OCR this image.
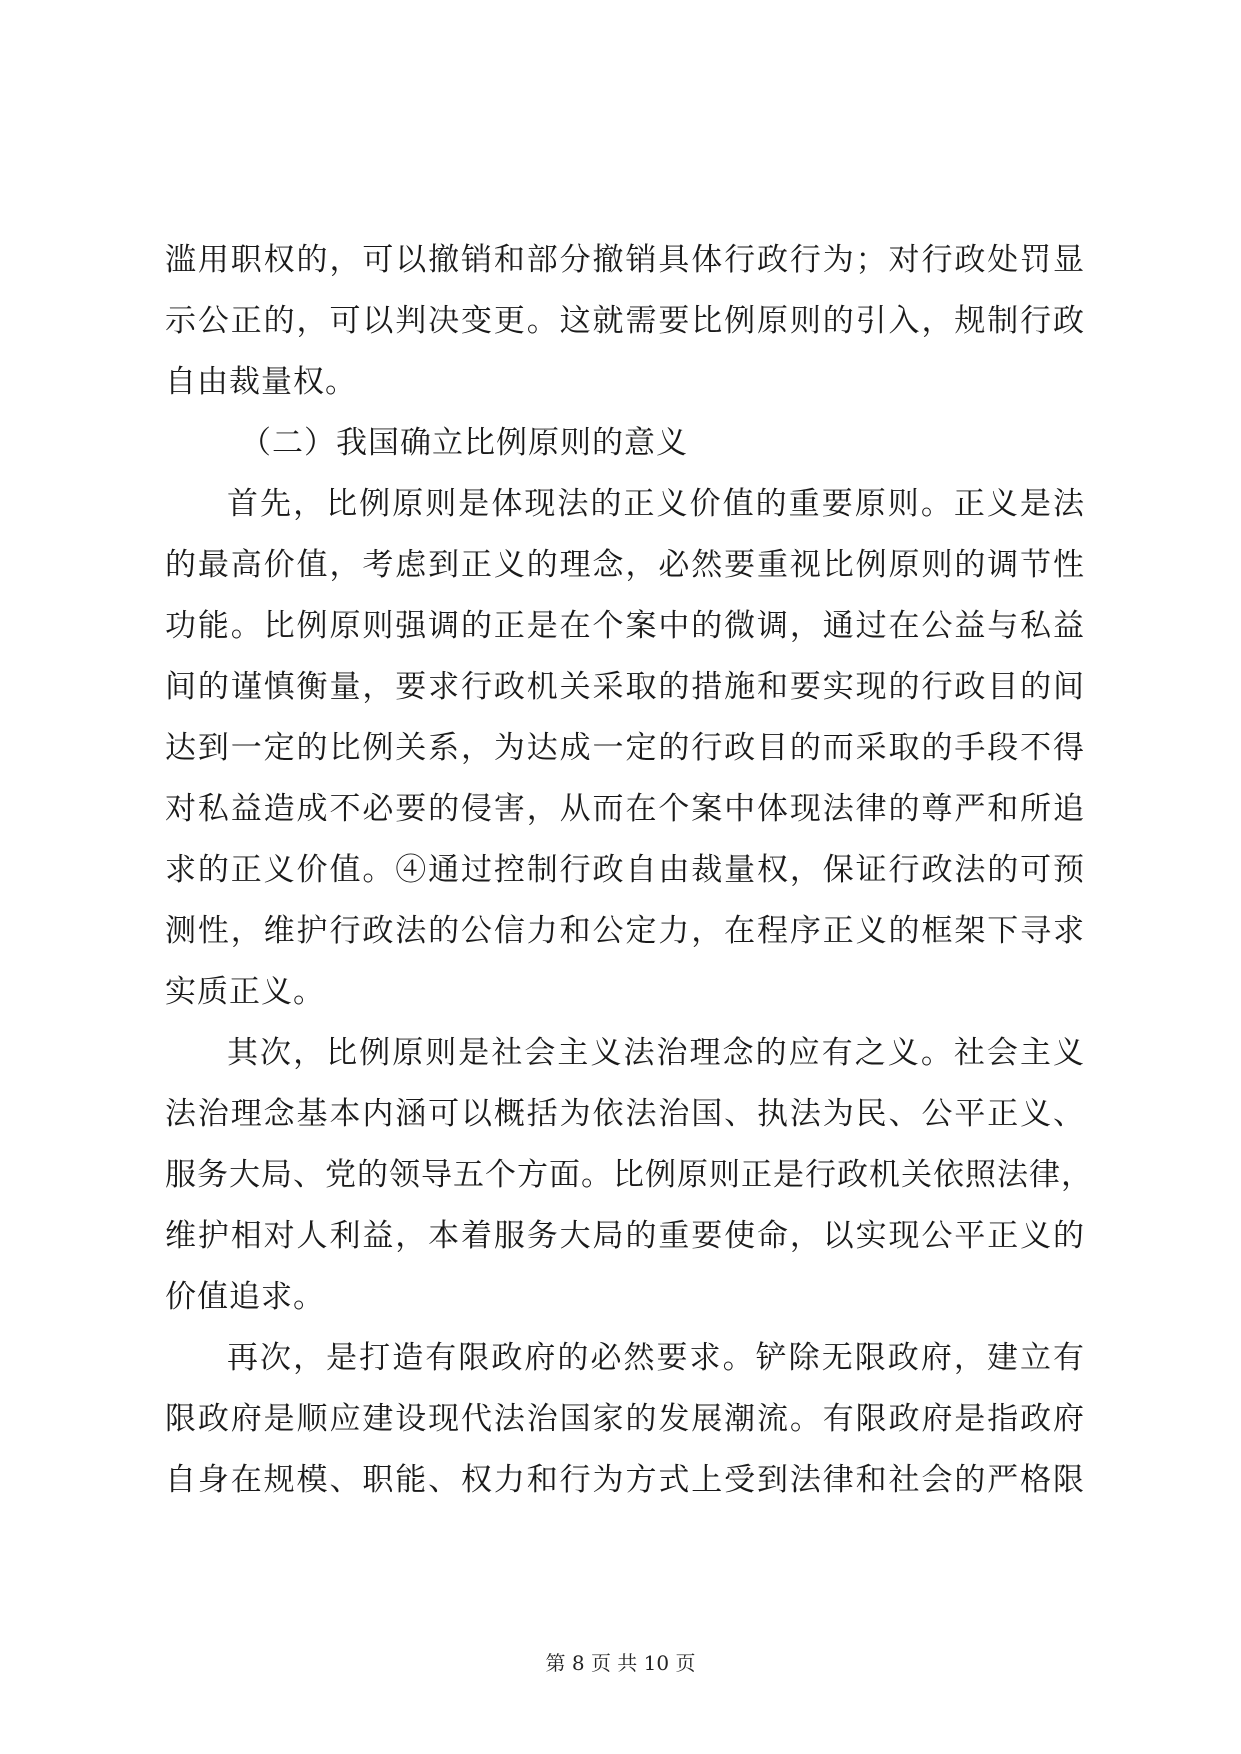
滥用职权的，可以撤销和部分撤销具体行政行为；对行政处罚显
示公正的，可以判决变更。这就需要比例原则的引入，规制行政
自由裁量权。
（二）我国确立比例原则的意义
首先，比例原则是体现法的正义价值的重要原则。正义是法
的最高价值，考虑到正义的理念，必然要重视比例原则的调节性
功能。比例原则强调的正是在个案中的微调，通过在公益与私益
间的谨慎衡量，要求行政机关采取的措施和要实现的行政目的间
达到一定的比例关系，为达成一定的行政目的而采取的手段不得
对私益造成不必要的侵害，从而在个案中体现法律的尊严和所追
求的正义价值。④通过控制行政自由裁量权，保证行政法的可预
测性，维护行政法的公信力和公定力，在程序正义的框架下寻求
实质正义。
其次，比例原则是社会主义法治理念的应有之义。社会主义
法治理念基本内涵可以概括为依法治国、执法为民、公平正义、
服务大局、党的领导五个方面。比例原则正是行政机关依照法律，
维护相对人利益，本着服务大局的重要使命，以实现公平正义的
价值追求。
再次，是打造有限政府的必然要求。铲除无限政府，建立有
限政府是顺应建设现代法治国家的发展潮流。有限政府是指政府
自身在规模、职能、权力和行为方式上受到法律和社会的严格限
第 8 页 共 10 页
